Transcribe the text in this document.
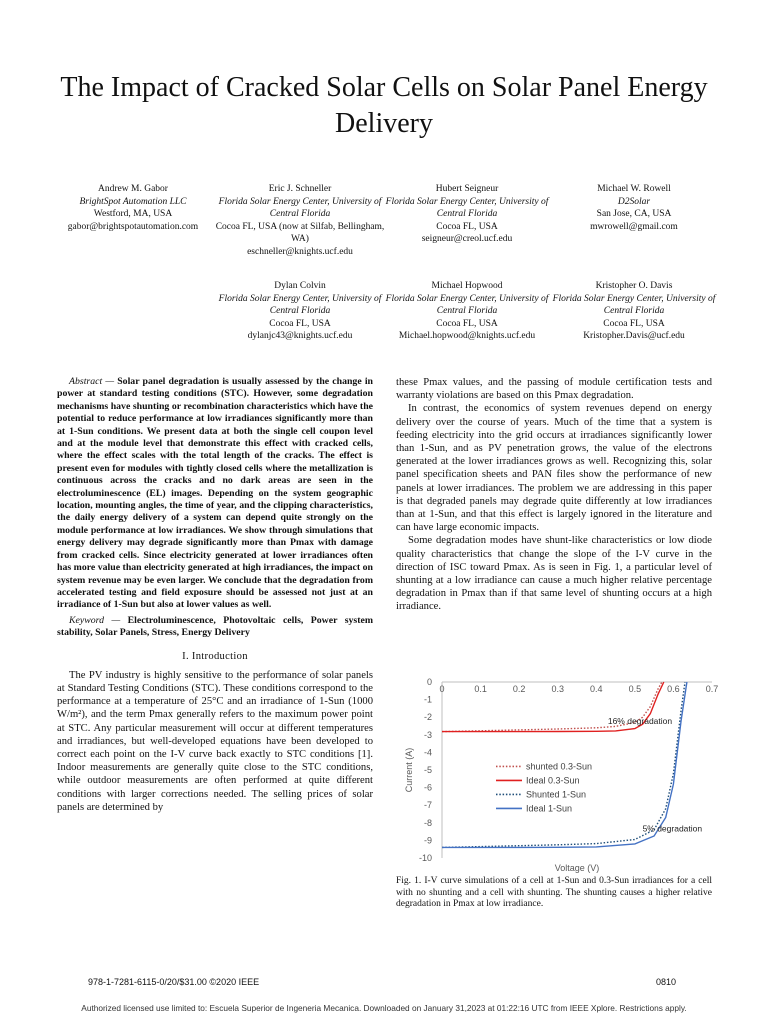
The Impact of Cracked Solar Cells on Solar Panel Energy Delivery
Andrew M. Gabor
BrightSpot Automation LLC
Westford, MA, USA
gabor@brightspotautomation.com
Eric J. Schneller
Florida Solar Energy Center, University of Central Florida
Cocoa FL, USA (now at Silfab, Bellingham, WA)
eschneller@knights.ucf.edu
Hubert Seigneur
Florida Solar Energy Center, University of Central Florida
Cocoa FL, USA
seigneur@creol.ucf.edu
Michael W. Rowell
D2Solar
San Jose, CA, USA
mwrowell@gmail.com
Dylan Colvin
Florida Solar Energy Center, University of Central Florida
Cocoa FL, USA
dylanjc43@knights.ucf.edu
Michael Hopwood
Florida Solar Energy Center, University of Central Florida
Cocoa FL, USA
Michael.hopwood@knights.ucf.edu
Kristopher O. Davis
Florida Solar Energy Center, University of Central Florida
Cocoa FL, USA
Kristopher.Davis@ucf.edu

Abstract — Solar panel degradation is usually assessed by the change in power at standard testing conditions (STC). However, some degradation mechanisms have shunting or recombination characteristics which have the potential to reduce performance at low irradiances significantly more than at 1-Sun conditions. We present data at both the single cell coupon level and at the module level that demonstrate this effect with cracked cells, where the effect scales with the total length of the cracks. The effect is present even for modules with tightly closed cells where the metallization is continuous across the cracks and no dark areas are seen in the electroluminescence (EL) images. Depending on the system geographic location, mounting angles, the time of year, and the clipping characteristics, the daily energy delivery of a system can depend quite strongly on the module performance at low irradiances. We show through simulations that energy delivery may degrade significantly more than Pmax with damage from cracked cells. Since electricity generated at lower irradiances often has more value than electricity generated at high irradiances, the impact on system revenue may be even larger. We conclude that the degradation from accelerated testing and field exposure should be assessed not just at an irradiance of 1-Sun but also at lower values as well.

Keyword — Electroluminescence, Photovoltaic cells, Power system stability, Solar Panels, Stress, Energy Delivery

I. Introduction

The PV industry is highly sensitive to the performance of solar panels at Standard Testing Conditions (STC). These conditions correspond to the performance at a temperature of 25°C and an irradiance of 1-Sun (1000 W/m²), and the term Pmax generally refers to the maximum power point at STC. Any particular measurement will occur at different temperatures and irradiances, but well-developed equations have been developed to correct each point on the I-V curve back exactly to STC conditions [1]. Indoor measurements are generally quite close to the STC conditions, while outdoor measurements are often performed at quite different conditions with larger corrections needed. The selling prices of solar panels are determined by

these Pmax values, and the passing of module certification tests and warranty violations are based on this Pmax degradation.

In contrast, the economics of system revenues depend on energy delivery over the course of years. Much of the time that a system is feeding electricity into the grid occurs at irradiances significantly lower than 1-Sun, and as PV penetration grows, the value of the electrons generated at the lower irradiances grows as well. Recognizing this, solar panel specification sheets and PAN files show the performance of new panels at lower irradiances. The problem we are addressing in this paper is that degraded panels may degrade quite differently at low irradiances than at 1-Sun, and that this effect is largely ignored in the literature and can have large economic impacts.

Some degradation modes have shunt-like characteristics or low diode quality characteristics that change the slope of the I-V curve in the direction of ISC toward Pmax. As is seen in Fig. 1, a particular level of shunting at a low irradiance can cause a much higher relative percentage degradation in Pmax than if that same level of shunting occurs at a high irradiance.

0	0.1	0.2	0.3	0.4	0.5	0.6	0.7
0
-1
-2
-3
-4
-5
-6
-7
-8
-9
-10
Voltage (V)
Current (A)
16% degradation
5% degradation
shunted 0.3-Sun
Ideal 0.3-Sun
Shunted 1-Sun
Ideal 1-Sun
Fig. 1. I-V curve simulations of a cell at 1-Sun and 0.3-Sun irradiances for a cell with no shunting and a cell with shunting. The shunting causes a higher relative degradation in Pmax at low irradiance.
978-1-7281-6115-0/20/$31.00 ©2020 IEEE	0810
Authorized licensed use limited to: Escuela Superior de Ingeneria Mecanica. Downloaded on January 31,2023 at 01:22:16 UTC from IEEE Xplore. Restrictions apply.
